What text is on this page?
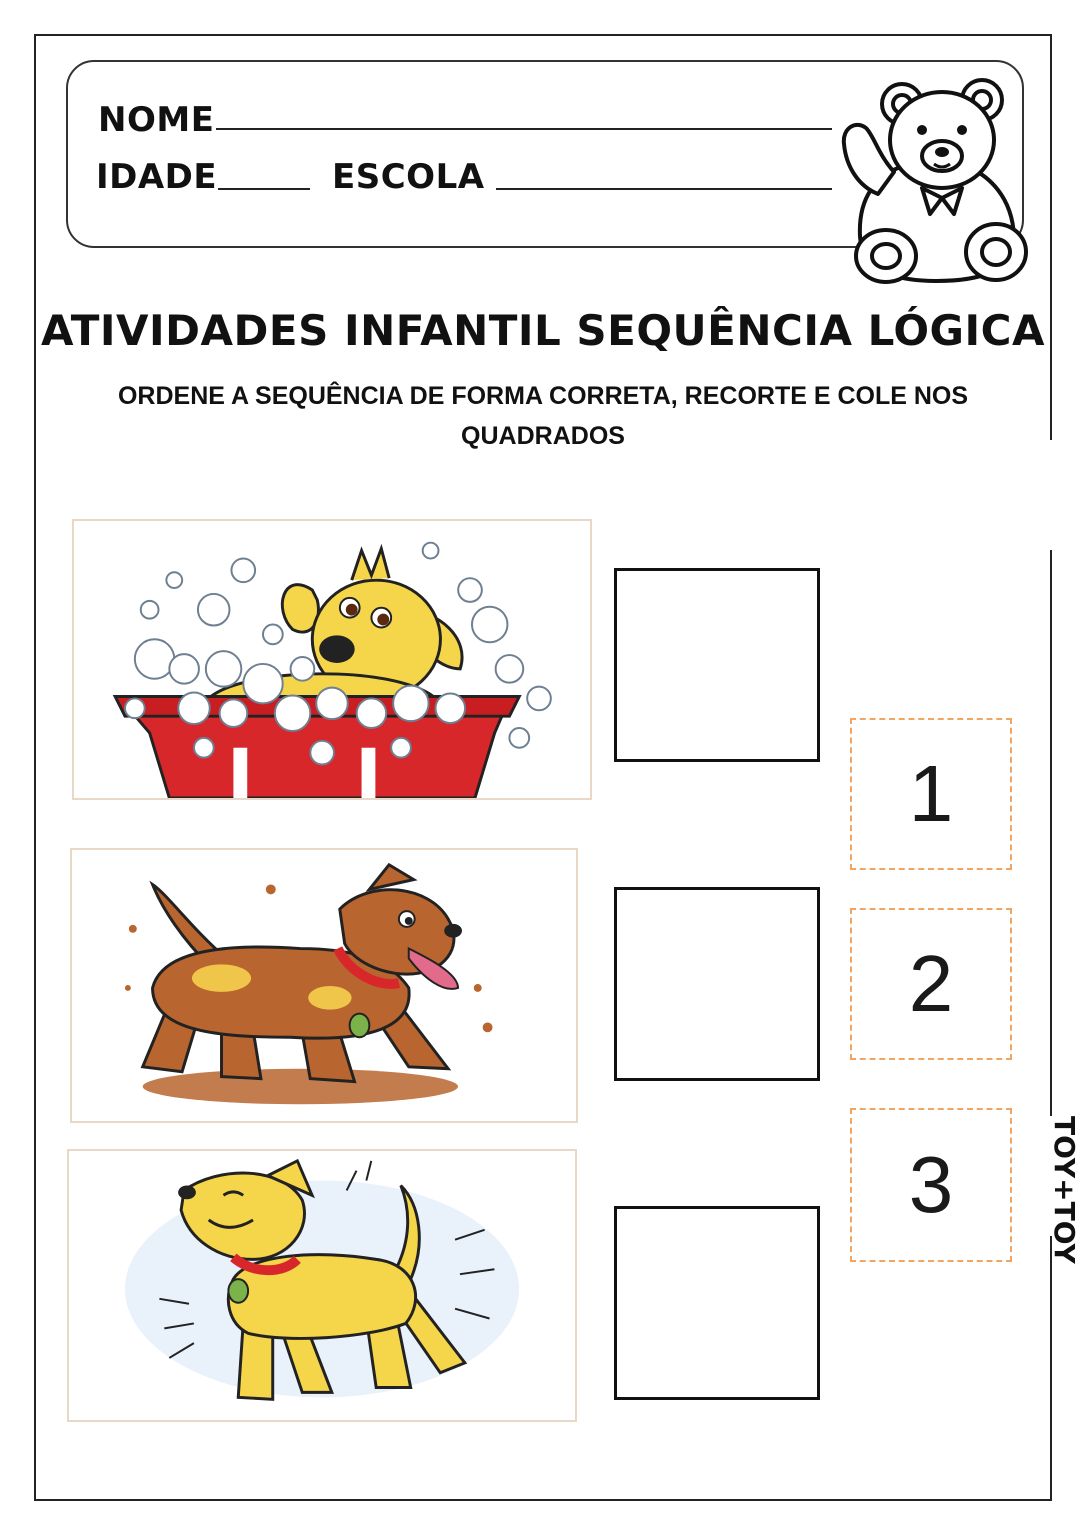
NOME
IDADE	ESCOLA
ATIVIDADES INFANTIL SEQUÊNCIA LÓGICA
ORDENE A SEQUÊNCIA DE FORMA CORRETA, RECORTE E COLE NOS QUADRADOS
1
2
3	TOY+TOY
